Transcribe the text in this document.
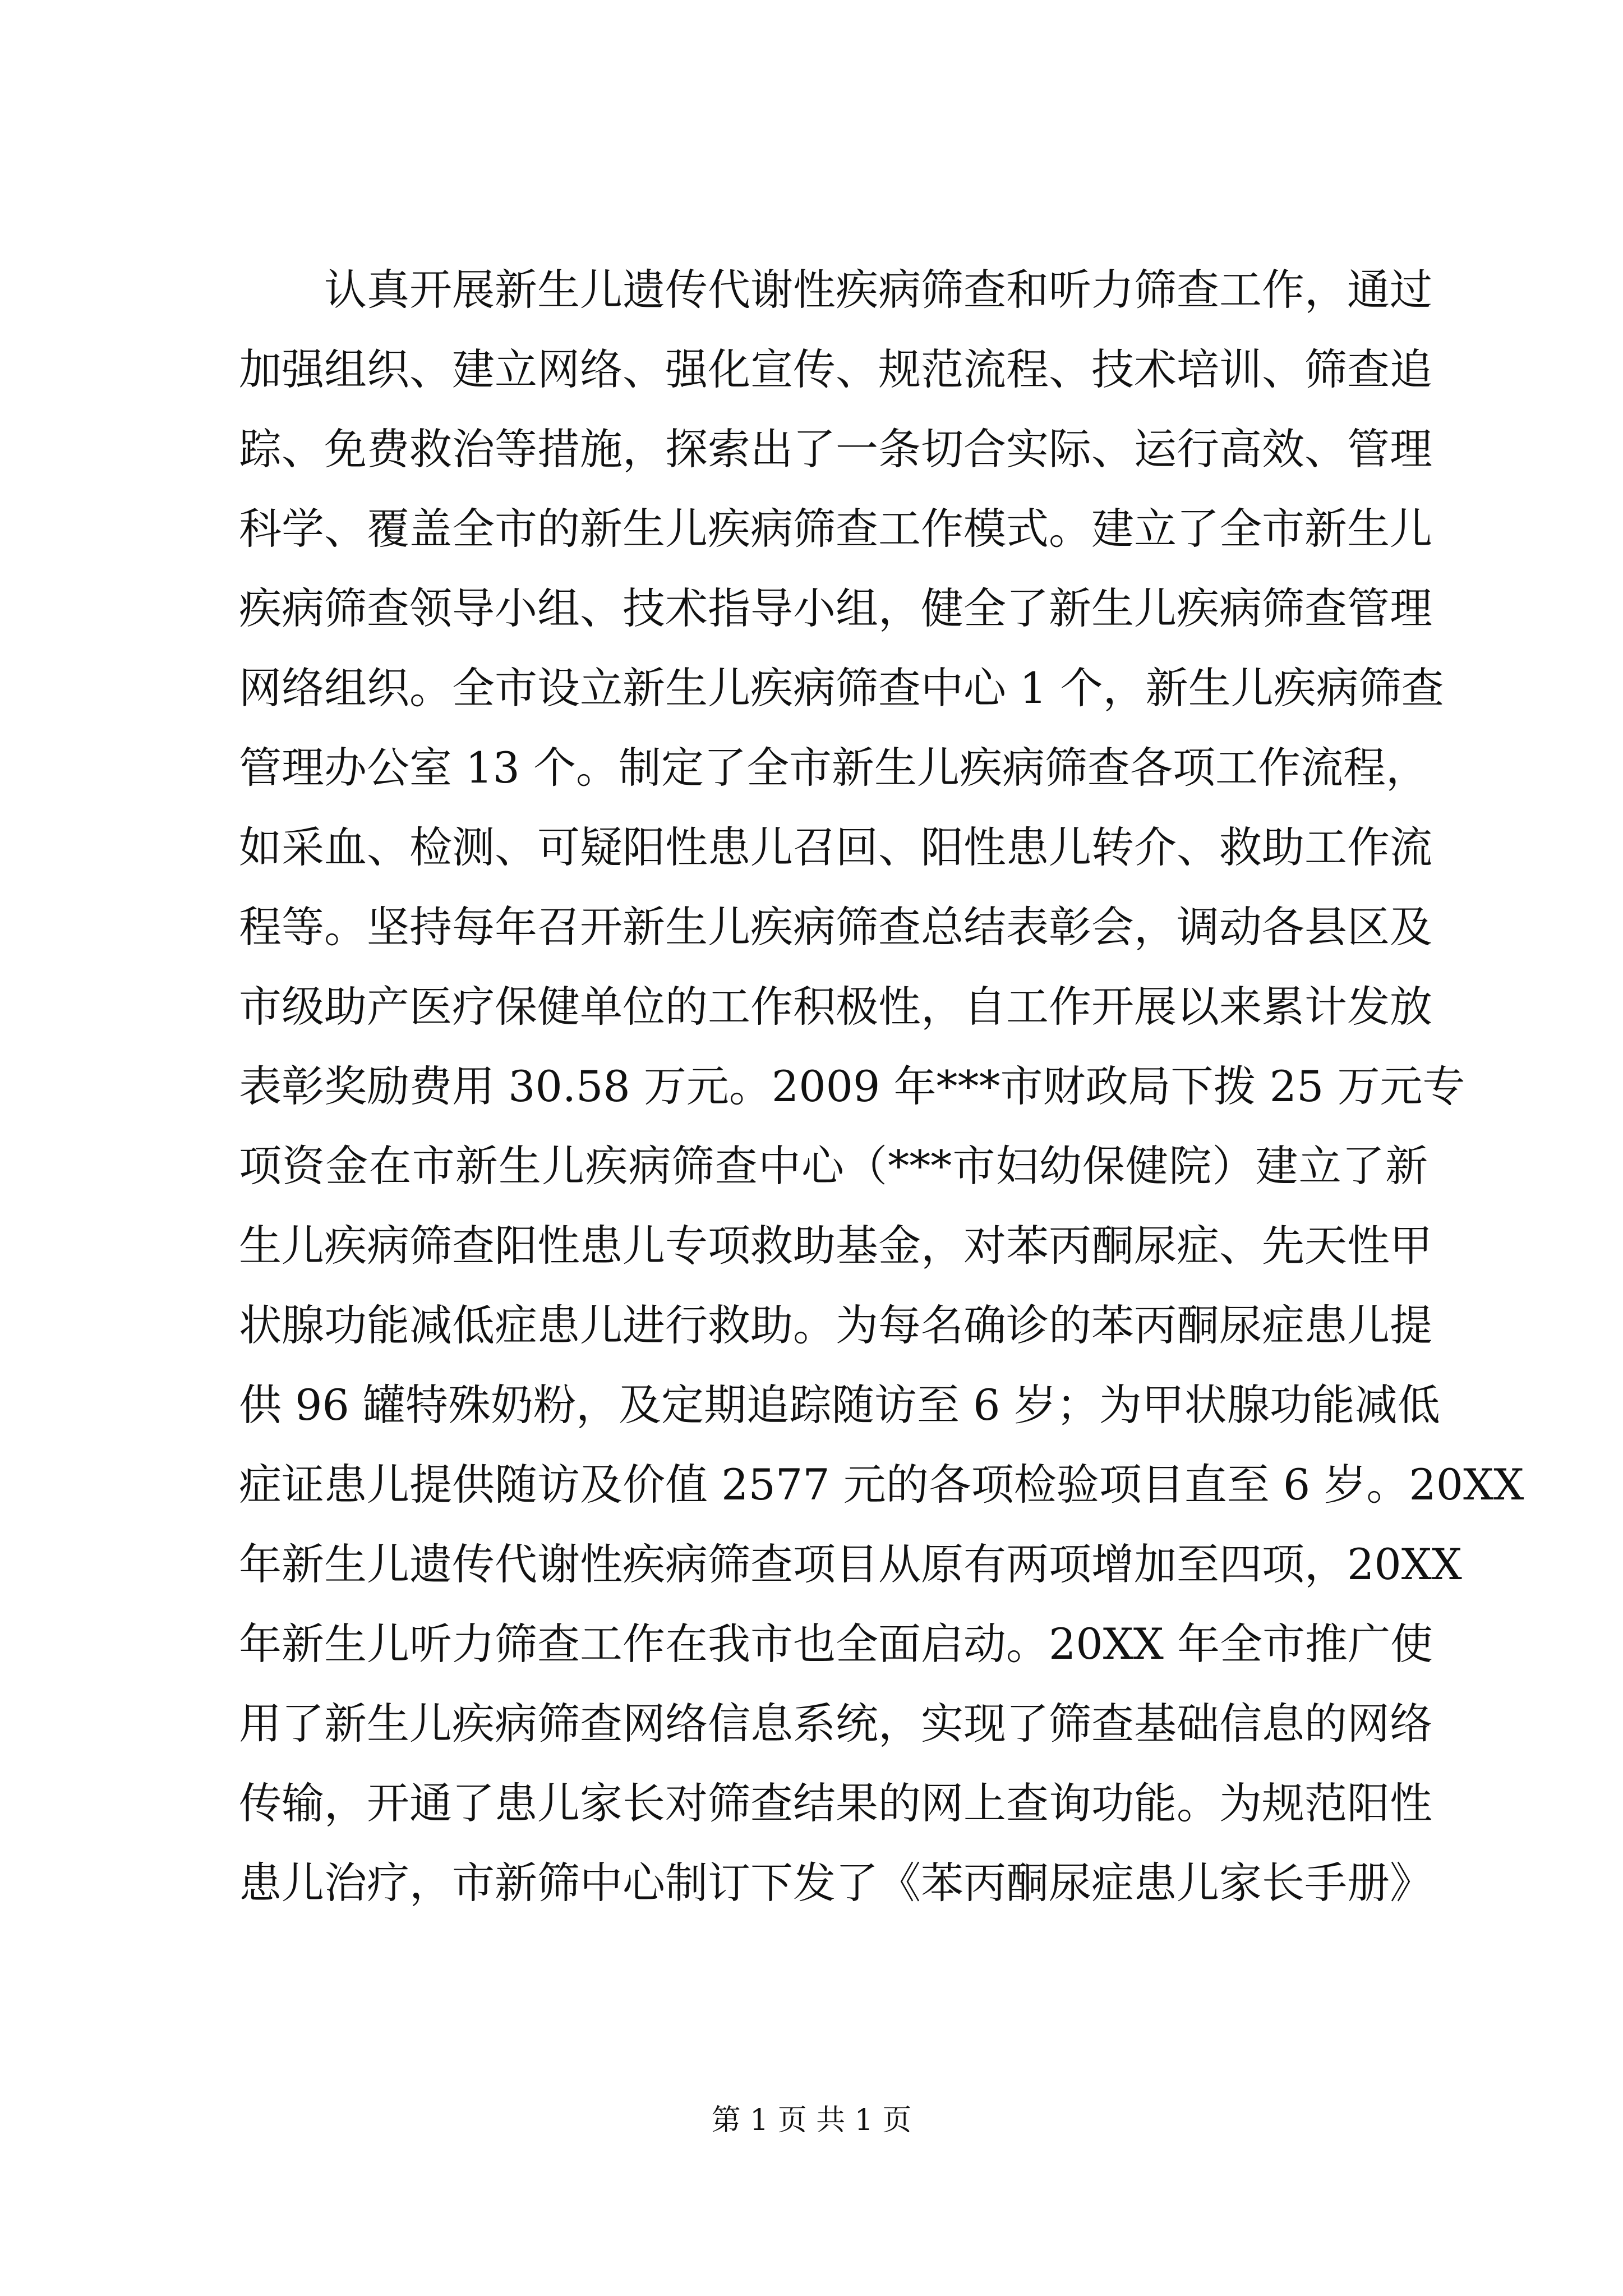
认真开展新生儿遗传代谢性疾病筛查和听力筛查工作，通过
加强组织、建立网络、强化宣传、规范流程、技术培训、筛查追
踪、免费救治等措施，探索出了一条切合实际、运行高效、管理
科学、覆盖全市的新生儿疾病筛查工作模式。建立了全市新生儿
疾病筛查领导小组、技术指导小组，健全了新生儿疾病筛查管理
网络组织。全市设立新生儿疾病筛查中心 1 个，新生儿疾病筛查
管理办公室 13 个。制定了全市新生儿疾病筛查各项工作流程，
如采血、检测、可疑阳性患儿召回、阳性患儿转介、救助工作流
程等。坚持每年召开新生儿疾病筛查总结表彰会，调动各县区及
市级助产医疗保健单位的工作积极性，自工作开展以来累计发放
表彰奖励费用 30.58 万元。2009 年***市财政局下拨 25 万元专
项资金在市新生儿疾病筛查中心（***市妇幼保健院）建立了新
生儿疾病筛查阳性患儿专项救助基金，对苯丙酮尿症、先天性甲
状腺功能减低症患儿进行救助。为每名确诊的苯丙酮尿症患儿提
供 96 罐特殊奶粉，及定期追踪随访至 6 岁；为甲状腺功能减低
症证患儿提供随访及价值 2577 元的各项检验项目直至 6 岁。20XX
年新生儿遗传代谢性疾病筛查项目从原有两项增加至四项，20XX
年新生儿听力筛查工作在我市也全面启动。20XX 年全市推广使
用了新生儿疾病筛查网络信息系统，实现了筛查基础信息的网络
传输，开通了患儿家长对筛查结果的网上查询功能。为规范阳性
患儿治疗，市新筛中心制订下发了《苯丙酮尿症患儿家长手册》
第 1 页 共 1 页
